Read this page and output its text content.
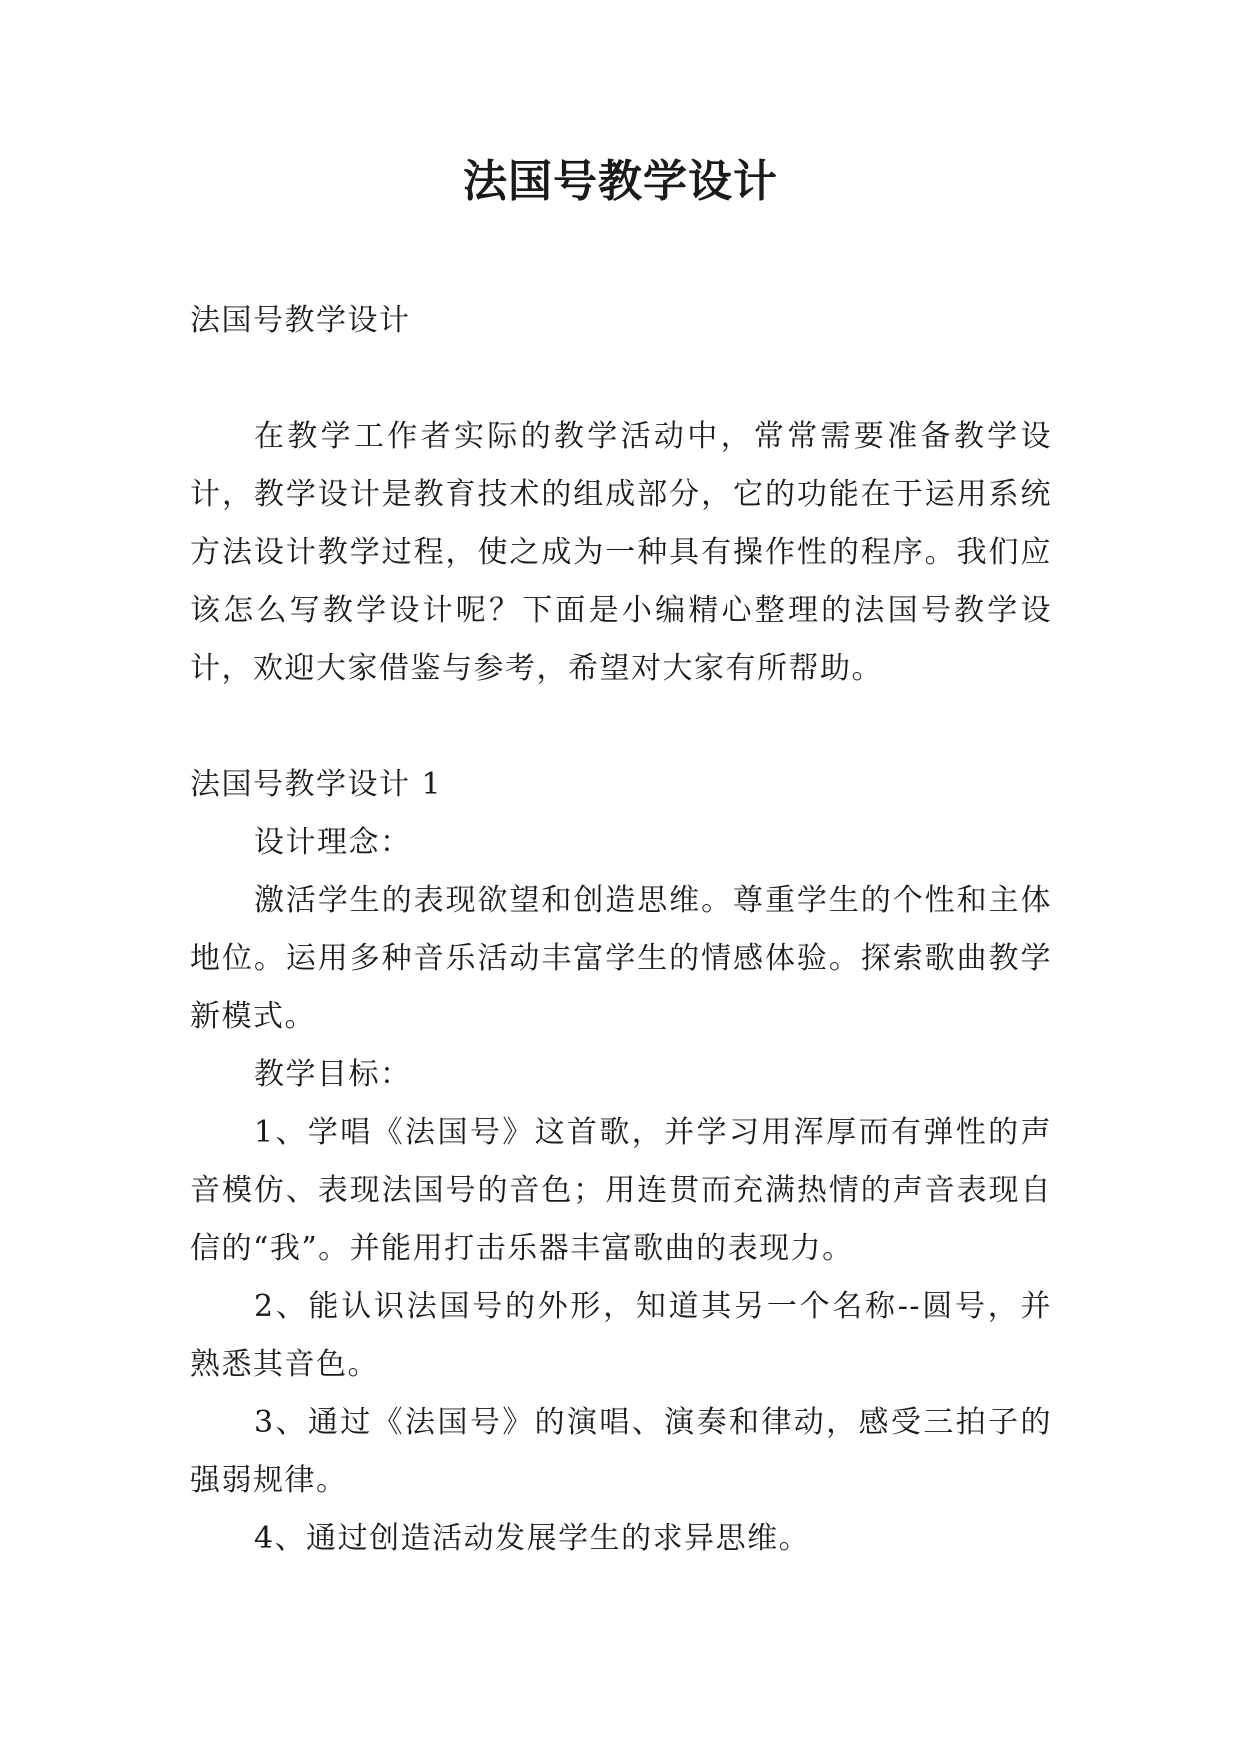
法国号教学设计

法国号教学设计

在教学工作者实际的教学活动中，常常需要准备教学设计，教学设计是教育技术的组成部分，它的功能在于运用系统方法设计教学过程，使之成为一种具有操作性的程序。我们应该怎么写教学设计呢？下面是小编精心整理的法国号教学设计，欢迎大家借鉴与参考，希望对大家有所帮助。

法国号教学设计 1

设计理念：

激活学生的表现欲望和创造思维。尊重学生的个性和主体地位。运用多种音乐活动丰富学生的情感体验。探索歌曲教学新模式。

教学目标：

1、学唱《法国号》这首歌，并学习用浑厚而有弹性的声音模仿、表现法国号的音色；用连贯而充满热情的声音表现自信的“我”。并能用打击乐器丰富歌曲的表现力。

2、能认识法国号的外形，知道其另一个名称--圆号，并熟悉其音色。

3、通过《法国号》的演唱、演奏和律动，感受三拍子的强弱规律。

4、通过创造活动发展学生的求异思维。
